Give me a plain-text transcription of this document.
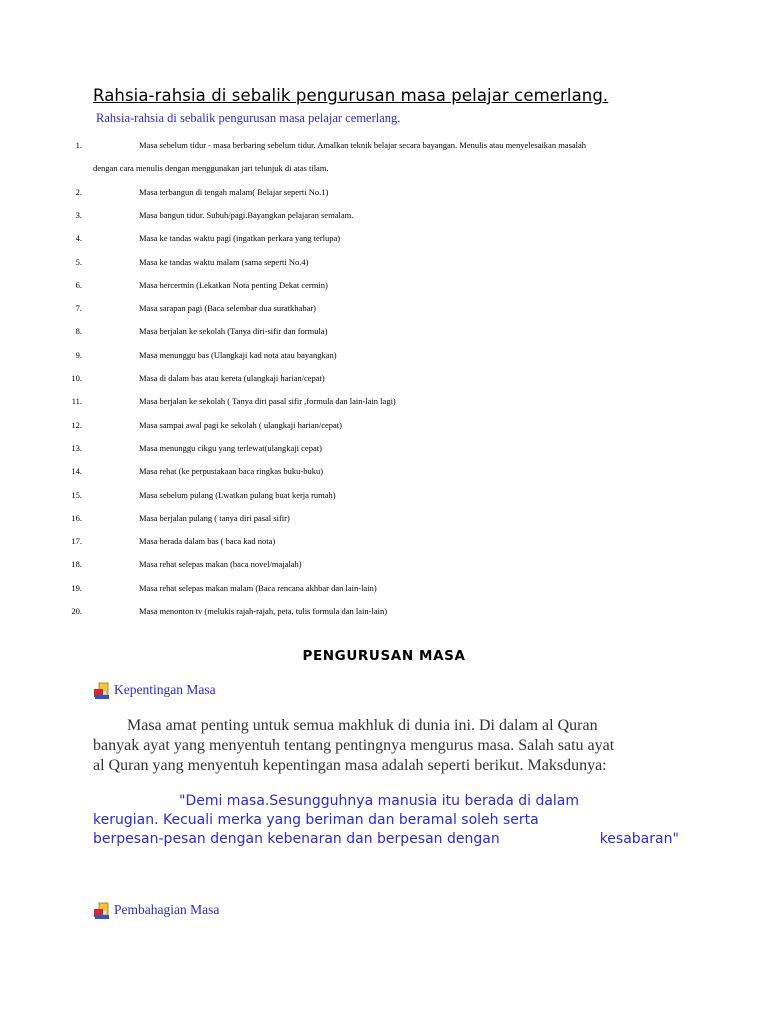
Rahsia-rahsia di sebalik pengurusan masa pelajar cemerlang.
Rahsia-rahsia di sebalik pengurusan masa pelajar cemerlang.
1.	Masa sebelum tidur - masa berbaring sebelum tidur. Amalkan teknik belajar secara bayangan. Menulis atau menyelesaikan masalah
dengan cara menulis dengan menggunakan jari telunjuk di atas tilam.
2.	Masa terbangun di tengah malam( Belajar seperti No.1)
3.	Masa bangun tidur. Subuh/pagi.Bayangkan pelajaran semalam.
4.	Masa ke tandas waktu pagi (ingatkan perkara yang terlupa)
5.	Masa ke tandas waktu malam (sama seperti No.4)
6.	Masa bercermin (Lekatkan Nota penting Dekat cermin)
7.	Masa sarapan pagi (Baca selembar dua suratkhabar)
8.	Masa berjalan ke sekolah (Tanya diri-sifir dan formula)
9.	Masa menunggu bas (Ulangkaji kad nota atau bayangkan)
10.	Masa di dalam bas atau kereta (ulangkaji harian/cepat)
11.	Masa berjalan ke sekolah ( Tanya diri pasal sifir ,formula dan lain-lain lagi)
12.	Masa sampai awal pagi ke sekolah ( ulangkaji harian/cepat)
13.	Masa menunggu cikgu yang terlewat(ulangkaji cepat)
14.	Masa rehat (ke perpustakaan baca ringkas buku-buku)
15.	Masa sebelum pulang (Lwatkan pulang buat kerja rumah)
16.	Masa berjalan pulang ( tanya diri pasal sifir)
17.	Masa berada dalam bas ( baca kad nota)
18.	Masa rehat selepas makan (baca novel/majalah)
19.	Masa rehat selepas makan malam (Baca rencana akhbar dan lain-lain)
20.	Masa menonton tv (melukis rajah-rajah, peta, tulis formula dan lain-lain)
PENGURUSAN MASA
Kepentingan Masa
Masa amat penting untuk semua makhluk di dunia ini. Di dalam al Quran
banyak ayat yang menyentuh tentang pentingnya mengurus masa. Salah satu ayat
al Quran yang menyentuh kepentingan masa adalah seperti berikut. Maksdunya:
"Demi masa.Sesungguhnya manusia itu berada di dalam
kerugian. Kecuali merka yang beriman dan beramal soleh serta
berpesan-pesan dengan kebenaran dan berpesan dengan	kesabaran"
Pembahagian Masa
